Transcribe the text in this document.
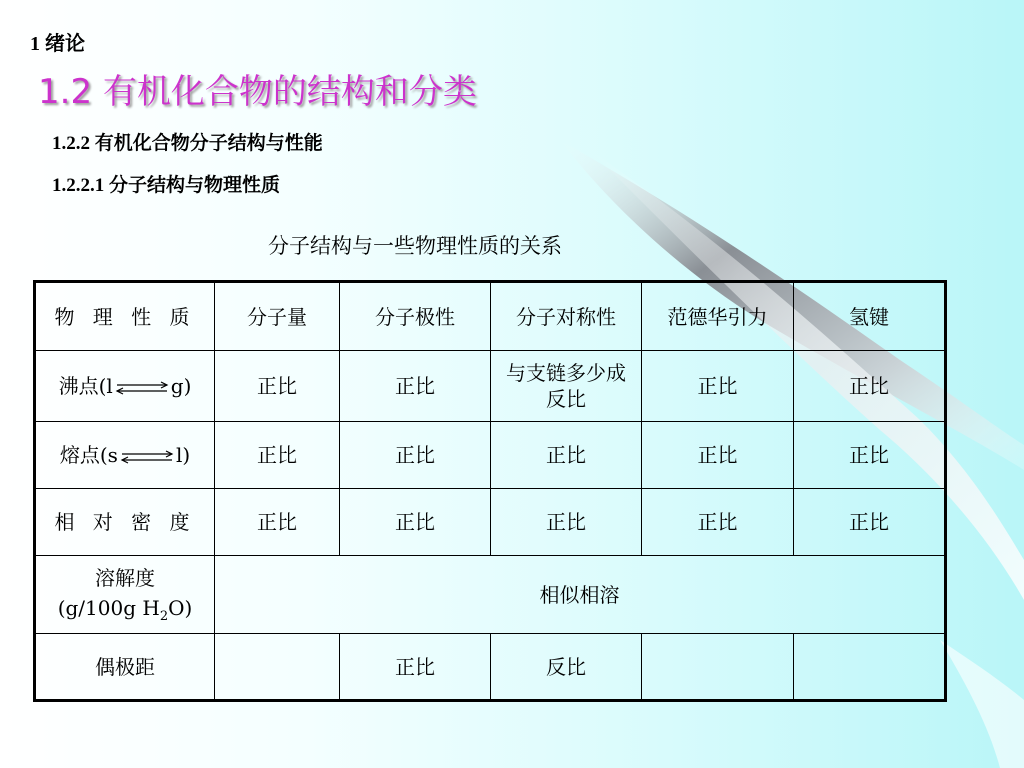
1 绪论
1.2 有机化合物的结构和分类
1.2.2 有机化合物分子结构与性能
1.2.2.1 分子结构与物理性质
分子结构与一些物理性质的关系
物 理 性 质	分子量	分子极性	分子对称性	范德华引力	氢键
沸点(l g)	正比	正比	与支链多少成反比	正比	正比
熔点(s l)	正比	正比	正比	正比	正比
相 对 密 度	正比	正比	正比	正比	正比

溶解度
(g/100g $H_2O$)	相似相溶				
偶极距		正比	反比		
